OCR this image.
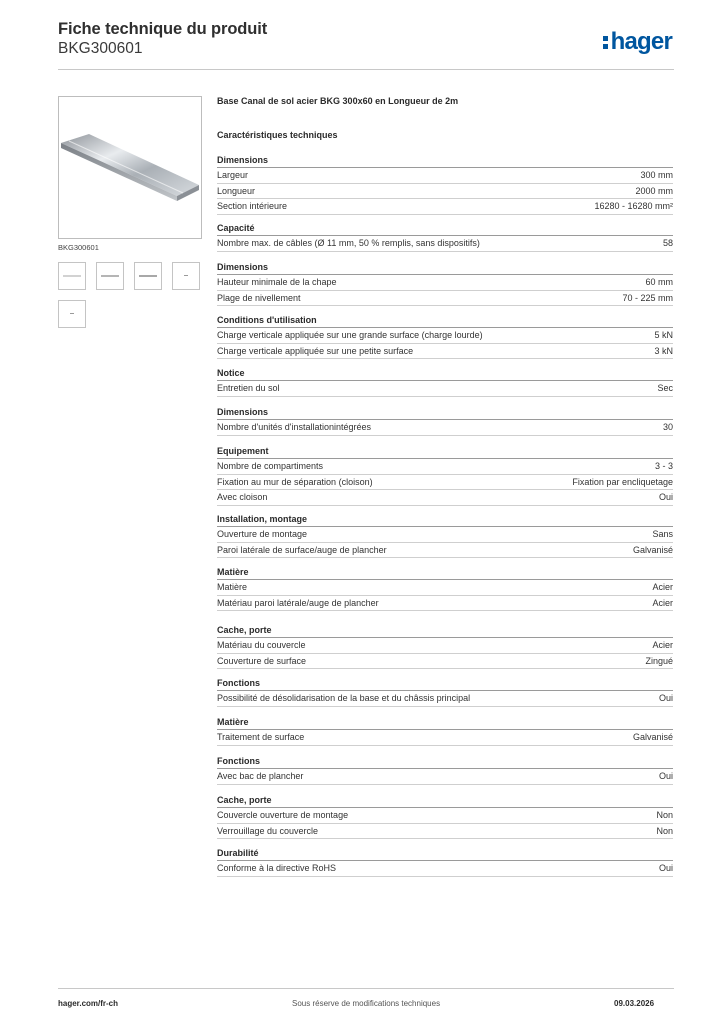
Fiche technique du produit
BKG300601	hager
BKG300601
Base Canal de sol acier BKG 300x60 en Longueur de 2m
Caractéristiques techniques
Dimensions
Largeur	300 mm
Longueur	2000 mm
Section intérieure	16280 - 16280 mm²
Capacité
Nombre max. de câbles (Ø 11 mm, 50 % remplis, sans dispositifs)	58
Dimensions
Hauteur minimale de la chape	60 mm
Plage de nivellement	70 - 225 mm
Conditions d'utilisation
Charge verticale appliquée sur une grande surface (charge lourde)	5 kN
Charge verticale appliquée sur une petite surface	3 kN
Notice
Entretien du sol	Sec
Dimensions
Nombre d'unités d'installationintégrées	30
Equipement
Nombre de compartiments	3 - 3
Fixation au mur de séparation (cloison)	Fixation par encliquetage
Avec cloison	Oui
Installation, montage
Ouverture de montage	Sans
Paroi latérale de surface/auge de plancher	Galvanisé
Matière
Matière	Acier
Matériau paroi latérale/auge de plancher	Acier
Cache, porte
Matériau du couvercle	Acier
Couverture de surface	Zingué
Fonctions
Possibilité de désolidarisation de la base et du châssis principal	Oui
Matière
Traitement de surface	Galvanisé
Fonctions
Avec bac de plancher	Oui
Cache, porte
Couvercle ouverture de montage	Non
Verrouillage du couvercle	Non
Durabilité
Conforme à la directive RoHS	Oui
hager.com/fr-ch	Sous réserve de modifications techniques	09.03.2026
